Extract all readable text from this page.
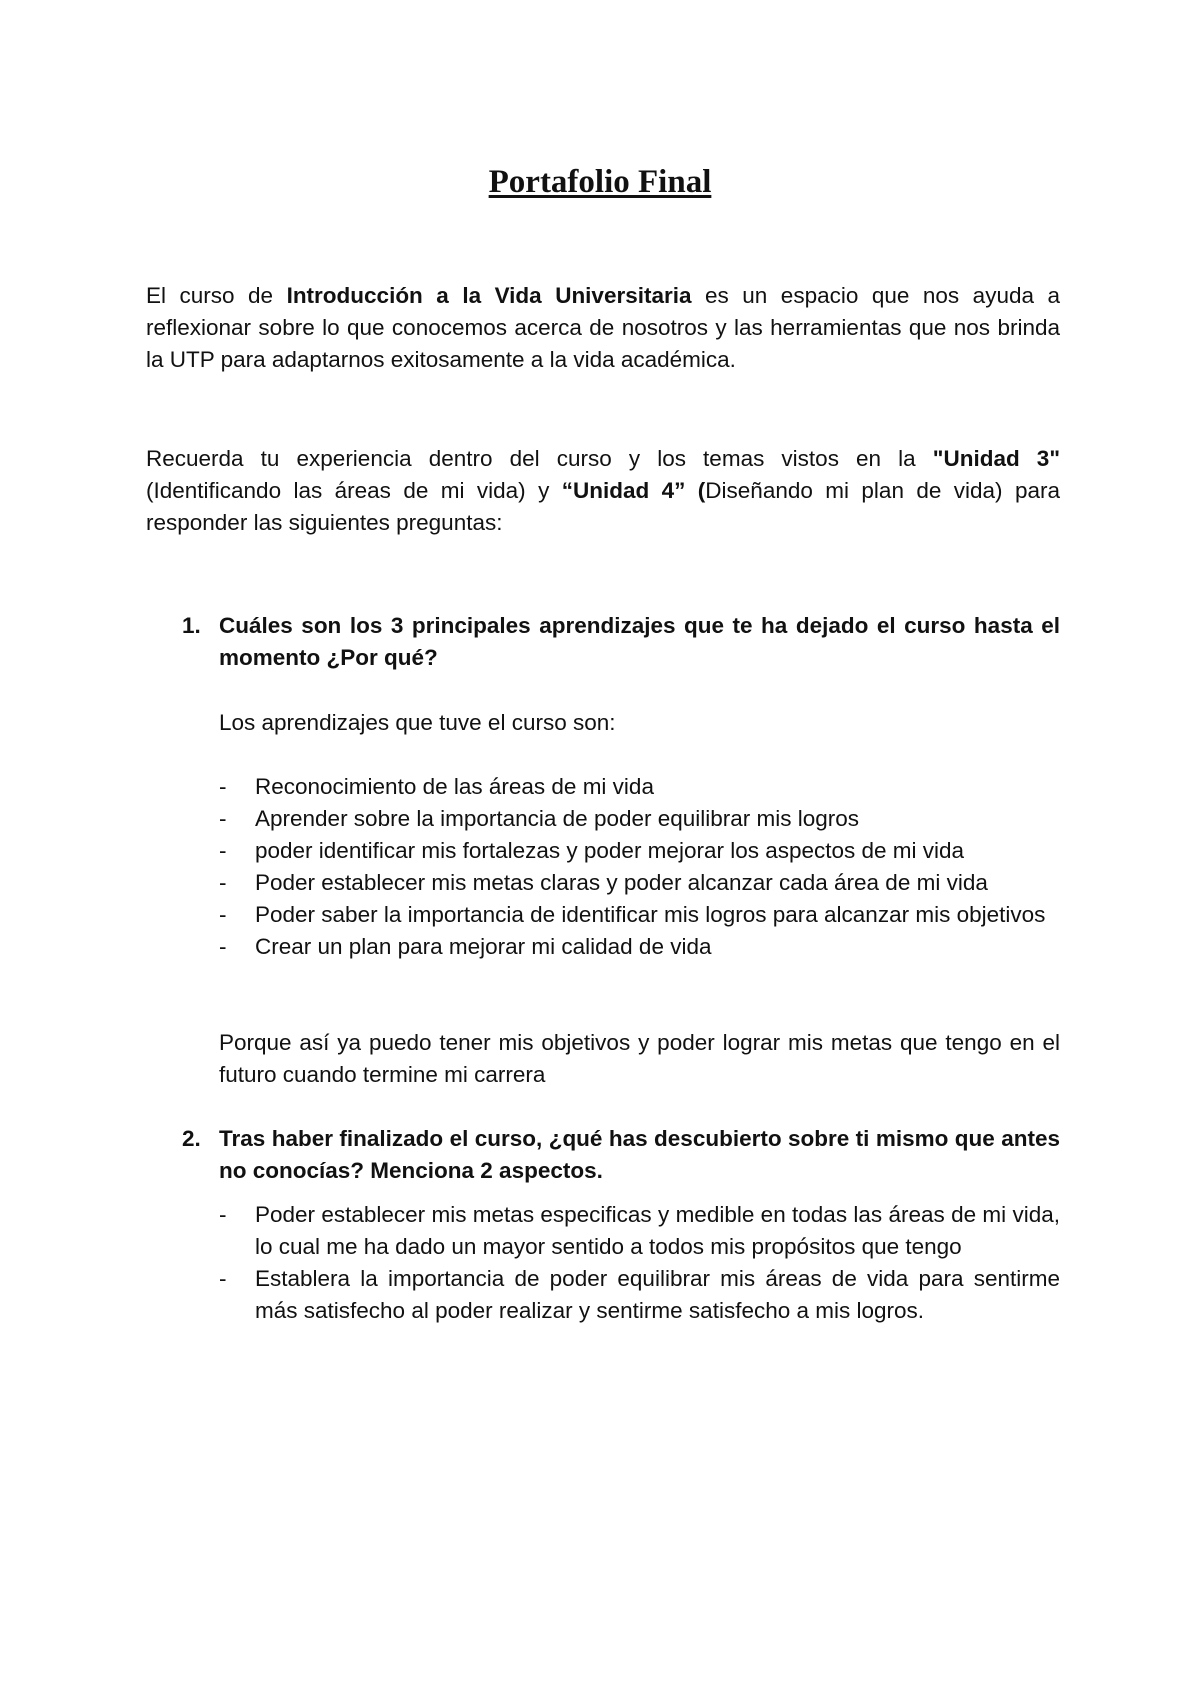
Portafolio Final
El curso de Introducción a la Vida Universitaria es un espacio que nos ayuda a reflexionar sobre lo que conocemos acerca de nosotros y las herramientas que nos brinda la UTP para adaptarnos exitosamente a la vida académica.
Recuerda tu experiencia dentro del curso y los temas vistos en la "Unidad 3" (Identificando las áreas de mi vida) y “Unidad 4” (Diseñando mi plan de vida) para responder las siguientes preguntas:
1. Cuáles son los 3 principales aprendizajes que te ha dejado el curso hasta el momento ¿Por qué?
Los aprendizajes que tuve el curso son:
- Reconocimiento de las áreas de mi vida
- Aprender sobre la importancia de poder equilibrar mis logros
- poder identificar mis fortalezas y poder mejorar los aspectos de mi vida
- Poder establecer mis metas claras y poder alcanzar cada área de mi vida
- Poder saber la importancia de identificar mis logros para alcanzar mis objetivos
- Crear un plan para mejorar mi calidad de vida
Porque así ya puedo tener mis objetivos y poder lograr mis metas que tengo en el futuro cuando termine mi carrera
2. Tras haber finalizado el curso, ¿qué has descubierto sobre ti mismo que antes no conocías? Menciona 2 aspectos.
- Poder establecer mis metas especificas y medible en todas las áreas de mi vida, lo cual me ha dado un mayor sentido a todos mis propósitos que tengo
- Establera la importancia de poder equilibrar mis áreas de vida para sentirme más satisfecho al poder realizar y sentirme satisfecho a mis logros.
